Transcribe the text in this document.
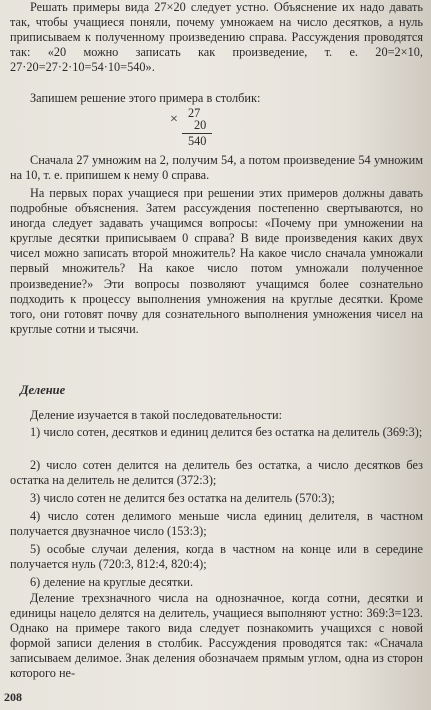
Решать примеры вида 27×20 следует устно. Объяснение их надо давать так, чтобы учащиеся поняли, почему умножаем на число десятков, а нуль приписываем к полученному произведению справа. Рассуждения проводятся так: «20 можно записать как произведение, т. е. 20=2×10, 27·20=27·2·10=54·10=540».

Запишем решение этого примера в столбик:

× 27
20
540

Сначала 27 умножим на 2, получим 54, а потом произведение 54 умножим на 10, т. е. припишем к нему 0 справа.

На первых порах учащиеся при решении этих примеров должны давать подробные объяснения. Затем рассуждения постепенно свертываются, но иногда следует задавать учащимся вопросы: «Почему при умножении на круглые десятки приписываем 0 справа? В виде произведения каких двух чисел можно записать второй множитель? На какое число сначала умножали первый множитель? На какое число потом умножали полученное произведение?» Эти вопросы позволяют учащимся более сознательно подходить к процессу выполнения умножения на круглые десятки. Кроме того, они готовят почву для сознательного выполнения умножения чисел на круглые сотни и тысячи.

Деление

Деление изучается в такой последовательности:

1) число сотен, десятков и единиц делится без остатка на делитель (369:3);

2) число сотен делится на делитель без остатка, а число десятков без остатка на делитель не делится (372:3);

3) число сотен не делится без остатка на делитель (570:3);

4) число сотен делимого меньше числа единиц делителя, в частном получается двузначное число (153:3);

5) особые случаи деления, когда в частном на конце или в середине получается нуль (720:3, 812:4, 820:4);

6) деление на круглые десятки.

Деление трехзначного числа на однозначное, когда сотни, десятки и единицы нацело делятся на делитель, учащиеся выполняют устно: 369:3=123. Однако на примере такого вида следует познакомить учащихся с новой формой записи деления в столбик. Рассуждения проводятся так: «Сначала записываем делимое. Знак деления обозначаем прямым углом, одна из сторон которого не-

208
